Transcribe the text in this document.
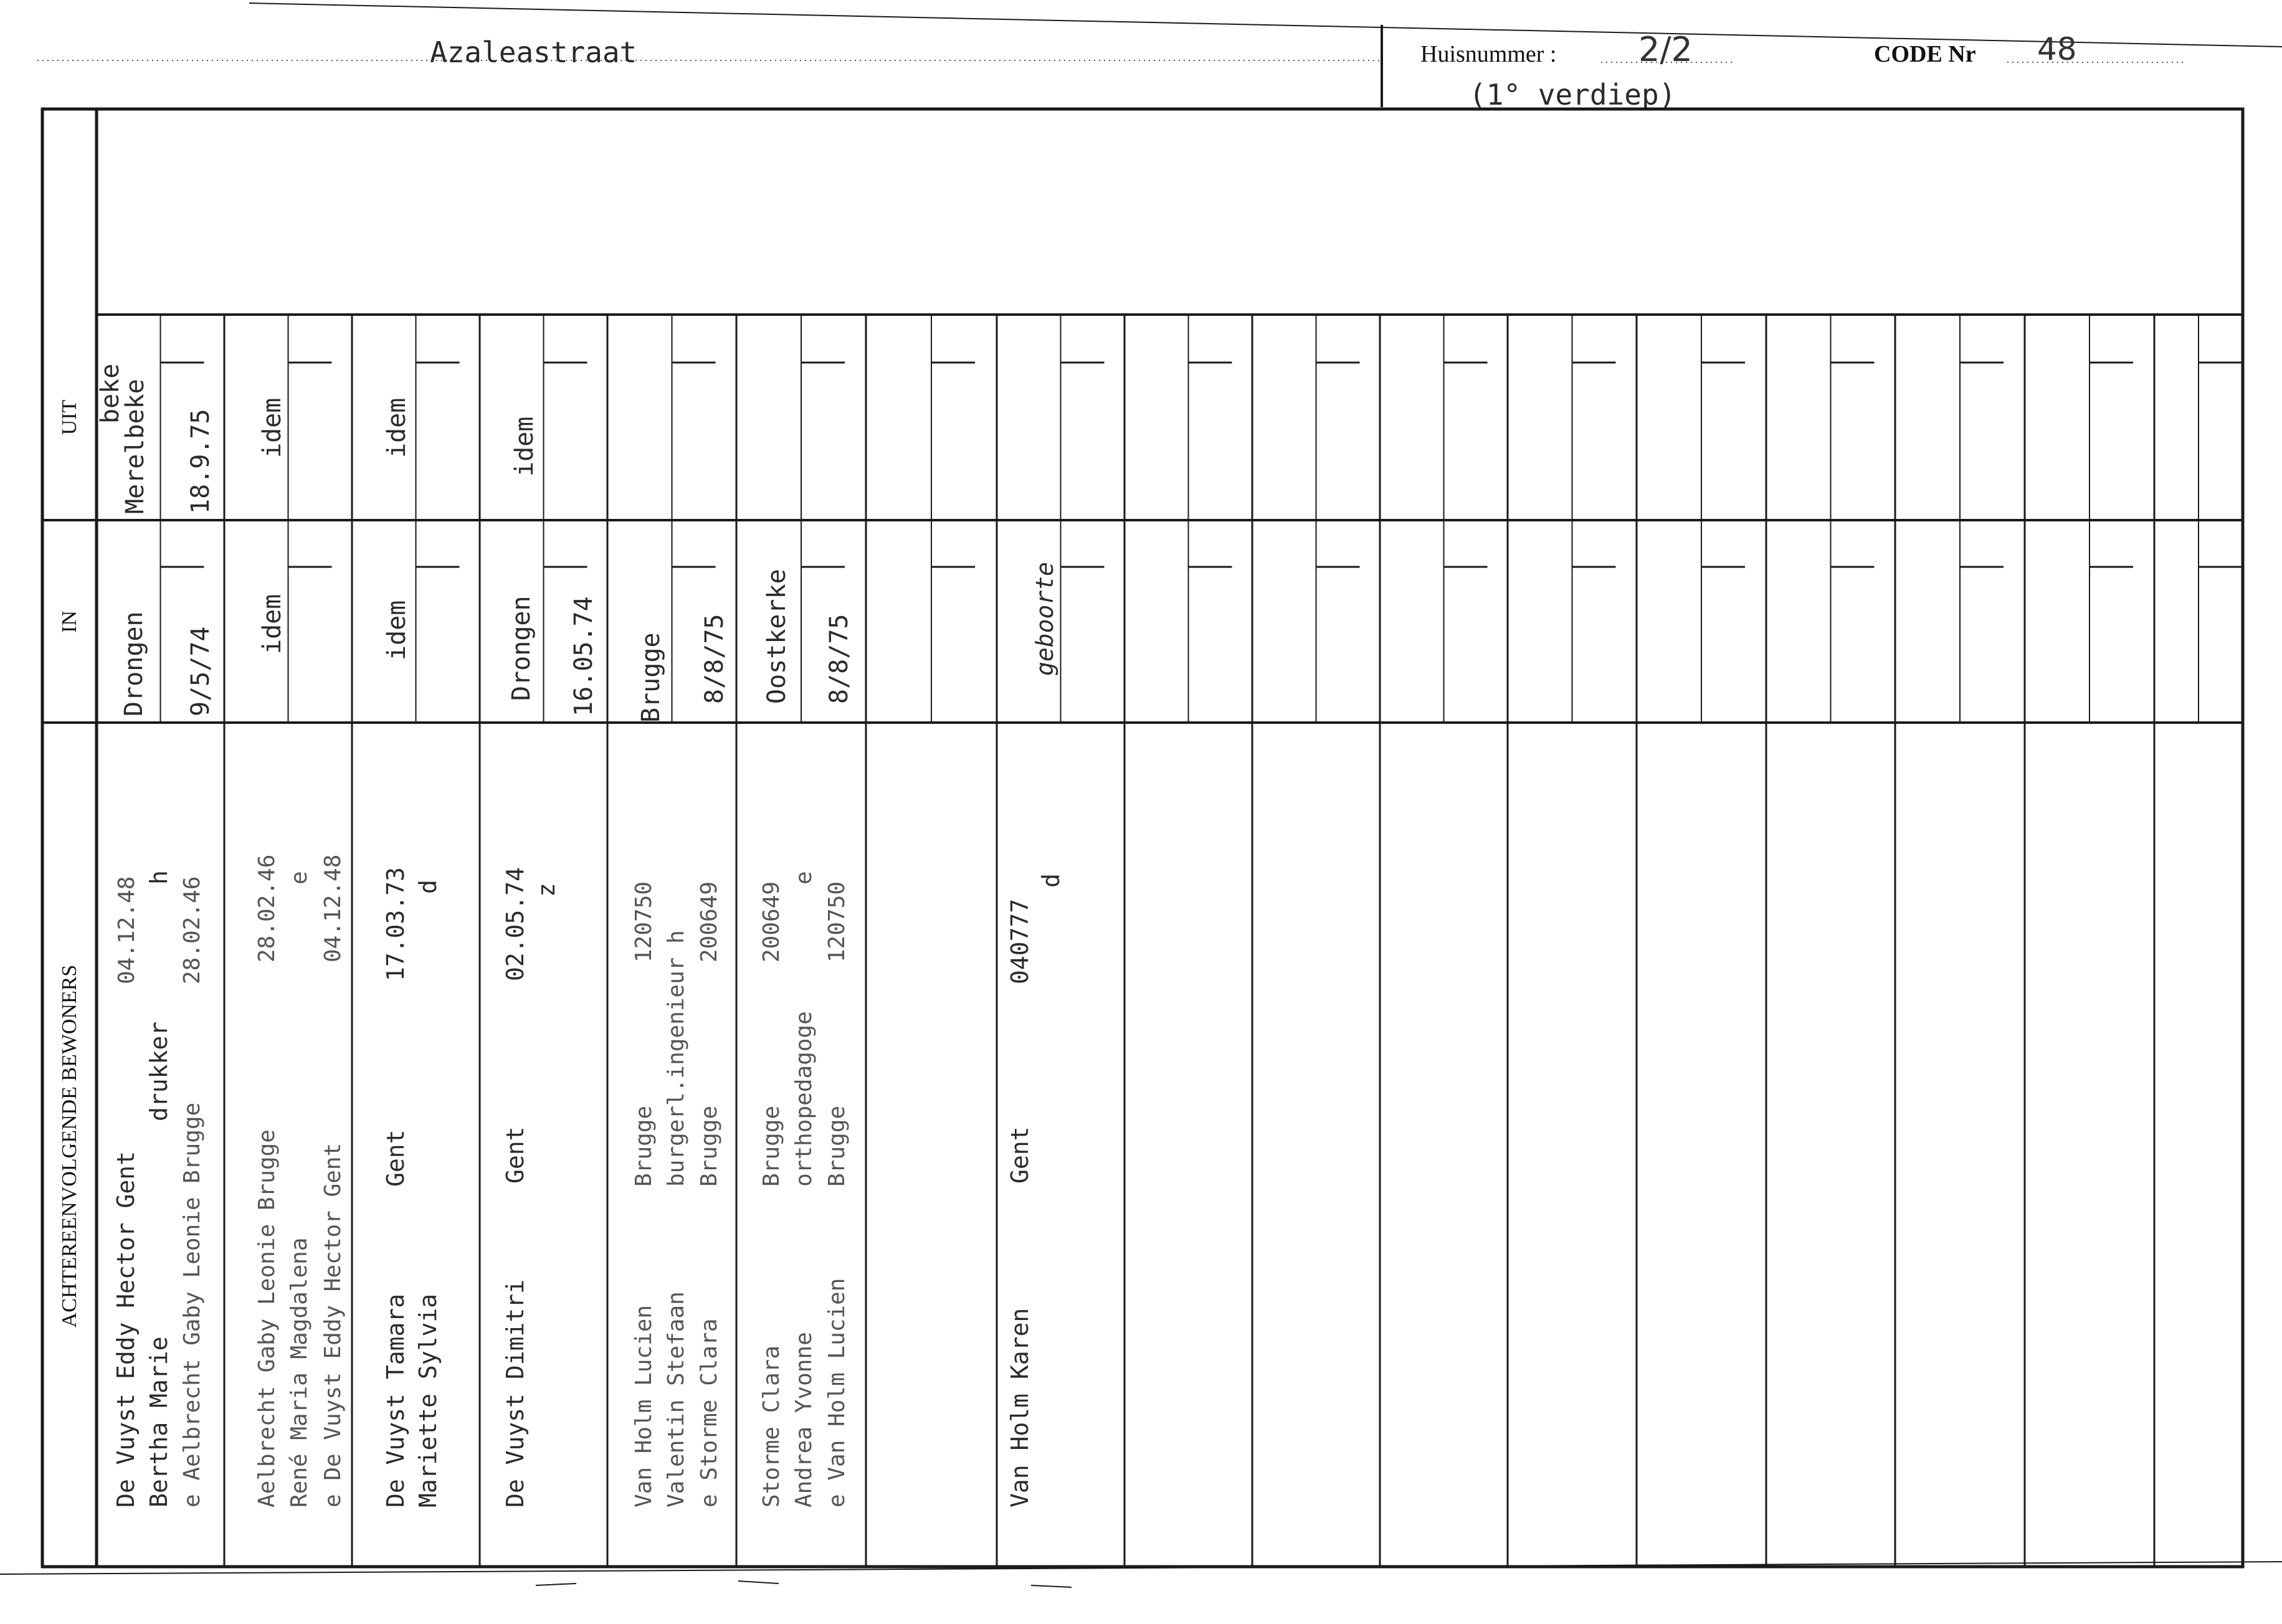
Azaleastraat	Huisnummer : 2/2
(1° verdiep)
CODE Nr 48
UIT
IN
ACHTEREENVOLGENDE BEWONERS
De Vuyst Eddy Hector Gent Bertha Marie e Aelbrecht Gaby Leonie Brugge
drukker
04.12.48 h 28.02.46
Drongen 9/5/74
beke
Merelbeke 18.9.75
Aelbrecht Gaby Leonie Brugge René Maria Magdalena e De Vuyst Eddy Hector Gent
28.02.46 e 04.12.48
idem
idem
De Vuyst Tamara Mariette Sylvia
Gent
17.03.73 d
idem
idem
De Vuyst Dimitri
Gent
02.05.74 z
Drongen 16.05.74
idem
Van Holm Lucien Valentin Stefaan e Storme Clara
Brugge burgerl.ingenieur h Brugge
120750 200649
Brugge 8/8/75
Storme Clara Andrea Yvonne e Van Holm Lucien
Brugge orthopedagoge Brugge
200649
e
120750
Oostkerke 8/8/75
Van Holm Karen
Gent
040777
d
geboorte
